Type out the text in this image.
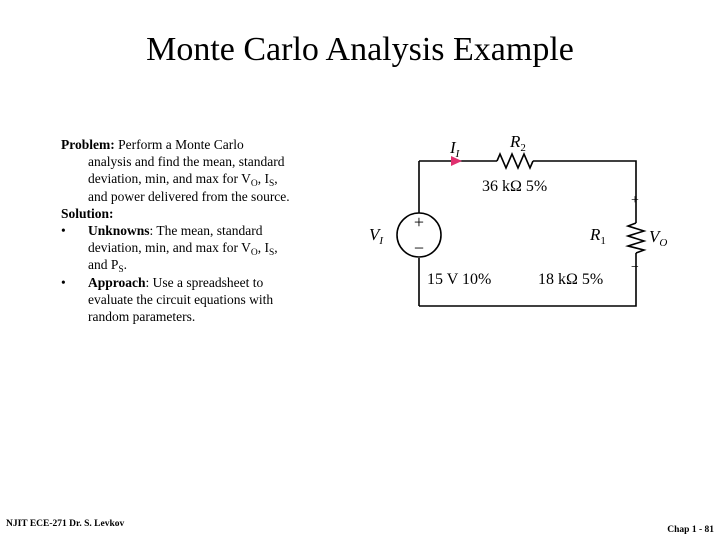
Monte Carlo Analysis Example
Problem: Perform a Monte Carlo
analysis and find the mean, standard
deviation, min, and max for $V_O$, $I_S$,
and power delivered from the source.
Solution:
•	Unknowns: The mean, standard
deviation, min, and max for $V_O$, $I_S$,
and $P_S$.
•	Approach: Use a spreadsheet to
evaluate the circuit equations with
random parameters.
+
−
$I_I$
$R_2$
36 kΩ 5%
$V_I$
15 V 10%
$R_1$
18 kΩ 5%
+
−
$V_O$
NJIT ECE-271 Dr. S. Levkov
Chap 1 - 81
